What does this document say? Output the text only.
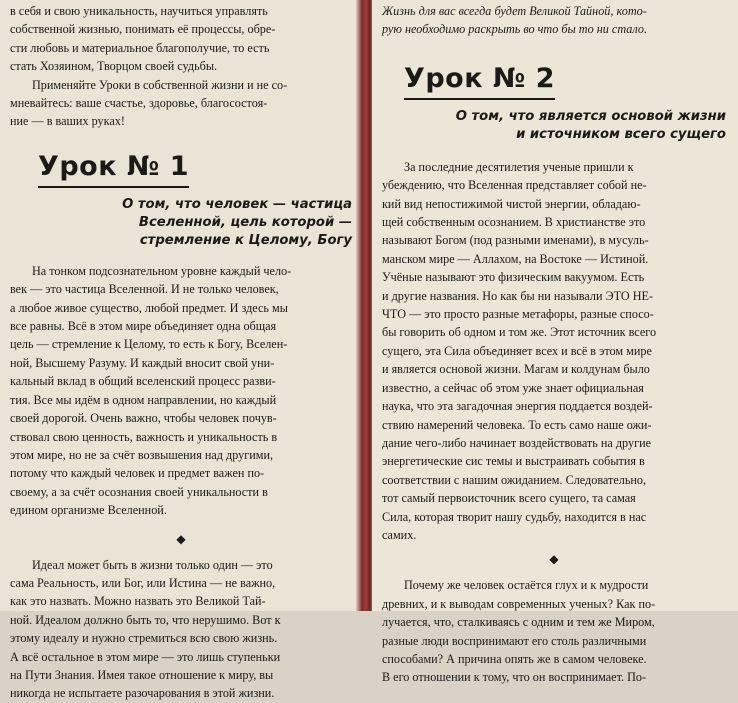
в себя и свою уникальность, научиться управлять
собственной жизнью, понимать её процессы, обре-
сти любовь и материальное благополучие, то есть
стать Хозяином, Творцом своей судьбы.

Применяйте Уроки в собственной жизни и не со-
мневайтесь: ваше счастье, здоровье, благосостоя-
ние — в ваших руках!

Урок № 1
О том, что человек — частица
Вселенной, цель которой —
стремление к Целому, Богу

На тонком подсознательном уровне каждый чело-
век — это частица Вселенной. И не только человек,
а любое живое существо, любой предмет. И здесь мы
все равны. Всё в этом мире объединяет одна общая
цель — стремление к Целому, то есть к Богу, Вселен-
ной, Высшему Разуму. И каждый вносит свой уни-
кальный вклад в общий вселенский процесс разви-
тия. Все мы идём в одном направлении, но каждый
своей дорогой. Очень важно, чтобы человек почув-
ствовал свою ценность, важность и уникальность в
этом мире, но не за счёт возвышения над другими,
потому что каждый человек и предмет важен по-
своему, а за счёт осознания своей уникальности в
едином организме Вселенной.

◆

Идеал может быть в жизни только один — это
сама Реальность, или Бог, или Истина — не важно,
как это назвать. Можно назвать это Великой Тай-
ной. Идеалом должно быть то, что нерушимо. Вот к
этому идеалу и нужно стремиться всю свою жизнь.
А всё остальное в этом мире — это лишь ступеньки
на Пути Знания. Имея такое отношение к миру, вы
никогда не испытаете разочарования в этой жизни.

Жизнь для вас всегда будет Великой Тайной, кото-
рую необходимо раскрыть во что бы то ни стало.

Урок № 2
О том, что является основой жизни
и источником всего сущего

За последние десятилетия ученые пришли к
убеждению, что Вселенная представляет собой не-
кий вид непостижимой чистой энергии, обладаю-
щей собственным осознанием. В христианстве это
называют Богом (под разными именами), в мусуль-
манском мире — Аллахом, на Востоке — Истиной.
Учёные называют это физическим вакуумом. Есть
и другие названия. Но как бы ни называли ЭТО НЕ-
ЧТО — это просто разные метафоры, разные спосо-
бы говорить об одном и том же. Этот источник всего
сущего, эта Сила объединяет всех и всё в этом мире
и является основой жизни. Магам и колдунам было
известно, а сейчас об этом уже знает официальная
наука, что эта загадочная энергия поддается воздей-
ствию намерений человека. То есть само наше ожи-
дание чего-либо начинает воздействовать на другие
энергетические сис темы и выстраивать события в
соответствии с нашим ожиданием. Следовательно,
тот самый первоисточник всего сущего, та самая
Сила, которая творит нашу судьбу, находится в нас
самих.

◆

Почему же человек остаётся глух и к мудрости
древних, и к выводам современных ученых? Как по-
лучается, что, сталкиваясь с одним и тем же Миром,
разные люди воспринимают его столь различными
способами? А причина опять же в самом человеке.
В его отношении к тому, что он воспринимает. По-
